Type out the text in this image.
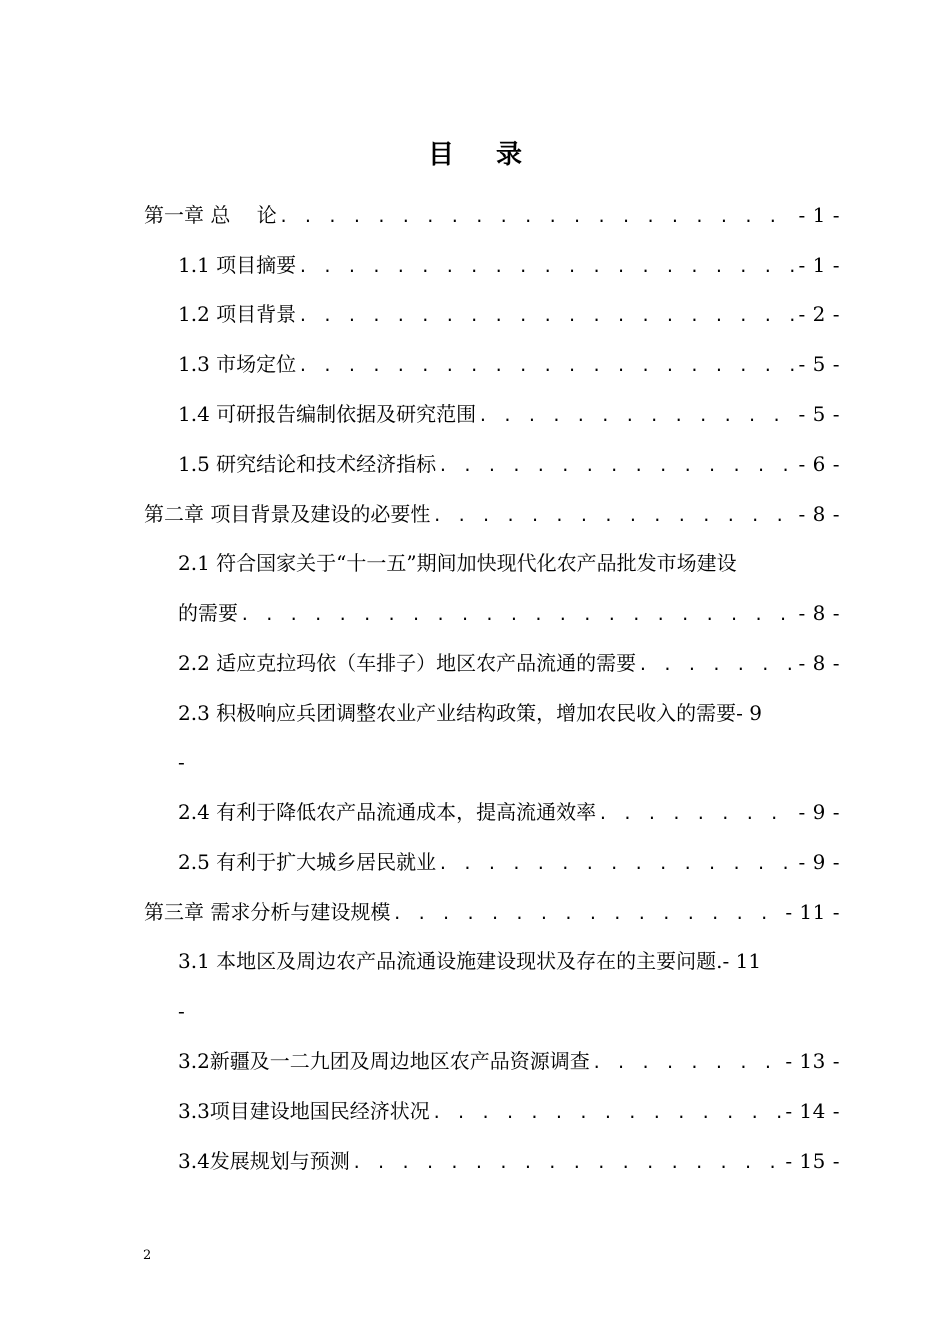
目 录
第一章 总　 论 . . .	- 1 -
1.1 项目摘要 . . .	- 1 -
1.2 项目背景 . . .	- 2 -
1.3 市场定位 . . .	- 5 -
1.4 可研报告编制依据及研究范围 . . .	- 5 -
1.5 研究结论和技术经济指标 . . .	- 6 -
第二章 项目背景及建设的必要性 . . .	- 8 -
2.1 符合国家关于“十一五”期间加快现代化农产品批发市场建设
的需要 . . .	- 8 -
2.2 适应克拉玛依（车排子）地区农产品流通的需要 . . .	- 8 -
2.3 积极响应兵团调整农业产业结构政策，增加农民收入的需要- 9
-
2.4 有利于降低农产品流通成本，提高流通效率 . . .	- 9 -
2.5 有利于扩大城乡居民就业 . . .	- 9 -
第三章 需求分析与建设规模 . . .	- 11 -
3.1 本地区及周边农产品流通设施建设现状及存在的主要问题.- 11
-
3.2新疆及一二九团及周边地区农产品资源调查 . . .	- 13 -
3.3项目建设地国民经济状况 . . .	- 14 -
3.4发展规划与预测 . . .	- 15 -
2
